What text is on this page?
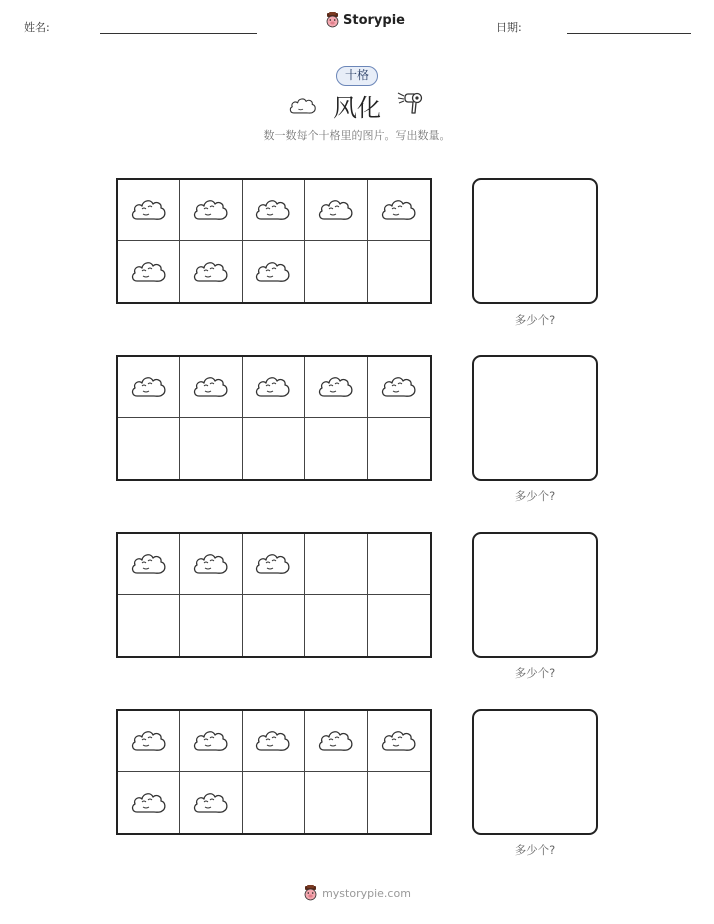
姓名:	Storypie	日期:
十格
风化
数一数每个十格里的图片。写出数量。
多少个?
多少个?
多少个?
多少个?
mystorypie.com
